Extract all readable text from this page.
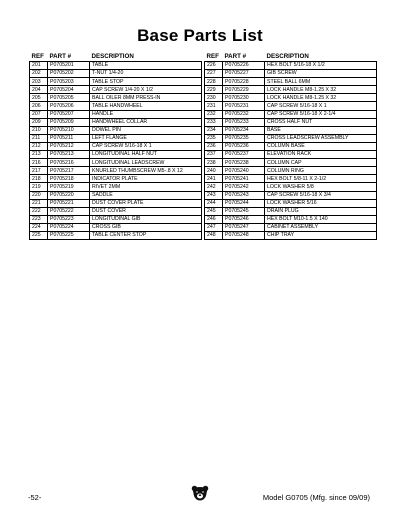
Base Parts List
REF	PART #	DESCRIPTION
201	P0705201	TABLE
202	P0705202	T-NUT 1/4-20
203	P0705203	TABLE STOP
204	P0705204	CAP SCREW 1/4-20 X 1/2
205	P0705205	BALL OILER 8MM PRESS-IN
206	P0705206	TABLE HANDWHEEL
207	P0705207	HANDLE
209	P0705209	HANDWHEEL COLLAR
210	P0705210	DOWEL PIN
211	P0705211	LEFT FLANGE
212	P0705212	CAP SCREW 5/16-18 X 1
213	P0705213	LONGITUDINAL HALF NUT
216	P0705216	LONGITUDINAL LEADSCREW
217	P0705217	KNURLED THUMBSCREW M5-.8 X 12
218	P0705218	INDICATOR PLATE
219	P0705219	RIVET 2MM
220	P0705220	SADDLE
221	P0705221	DUST COVER PLATE
222	P0705222	DUST COVER
223	P0705223	LONGITUDINAL GIB
224	P0705224	CROSS GIB
225	P0705225	TABLE CENTER STOP
REF	PART #	DESCRIPTION
226	P0705226	HEX BOLT 5/16-18 X 1/2
227	P0705227	GIB SCREW
228	P0705228	STEEL BALL 6MM
229	P0705229	LOCK HANDLE M8-1.25 X 32
230	P0705230	LOCK HANDLE M8-1.25 X 32
231	P0705231	CAP SCREW 5/16-18 X 1
232	P0705232	CAP SCREW 5/16-18 X 2-1/4
233	P0705233	CROSS HALF NUT
234	P0705234	BASE
235	P0705235	CROSS LEADSCREW ASSEMBLY
236	P0705236	COLUMN BASE
237	P0705237	ELEVATION RACK
238	P0705238	COLUMN CAP
240	P0705240	COLUMN RING
241	P0705241	HEX BOLT 5/8-11 X 2-1/2
242	P0705242	LOCK WASHER 5/8
243	P0705243	CAP SCREW 5/16-18 X 3/4
244	P0705244	LOCK WASHER 5/16
245	P0705245	DRAIN PLUG
246	P0705246	HEX BOLT M10-1.5 X 140
247	P0705247	CABINET ASSEMBLY
248	P0705248	CHIP TRAY
-52-	Model G0705 (Mfg. since 09/09)
